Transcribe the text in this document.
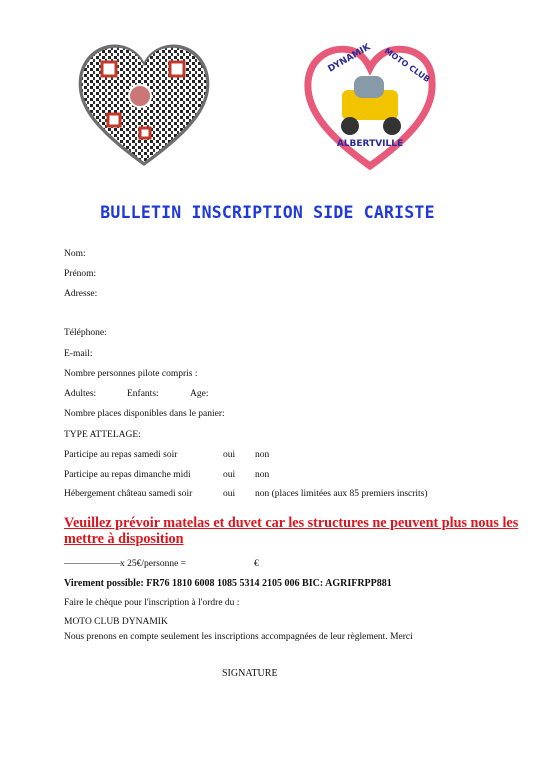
DYNAMIK MOTO CLUB
ALBERTVILLE
BULLETIN INSCRIPTION SIDE CARISTE
Nom:
Prénom:
Adresse:
Téléphone:
E-mail:
Nombre personnes pilote compris :
Adultes:	Enfants:	Age:
Nombre places disponibles dans le panier:
TYPE ATTELAGE:
Participe au repas samedi soir	oui non
Participe au repas dimanche midi	oui non
Hébergement château samedi soir	oui non (places limitées aux 85 premiers inscrits)
Veuillez prévoir matelas et duvet car les structures ne peuvent plus nous les mettre à disposition
—————— x 25€/personne =	€
Virement possible: FR76 1810 6008 1085 5314 2105 006 BIC: AGRIFRPP881
Faire le chèque pour l'inscription à l'ordre du :
MOTO CLUB DYNAMIK
Nous prenons en compte seulement les inscriptions accompagnées de leur règlement. Merci
SIGNATURE
